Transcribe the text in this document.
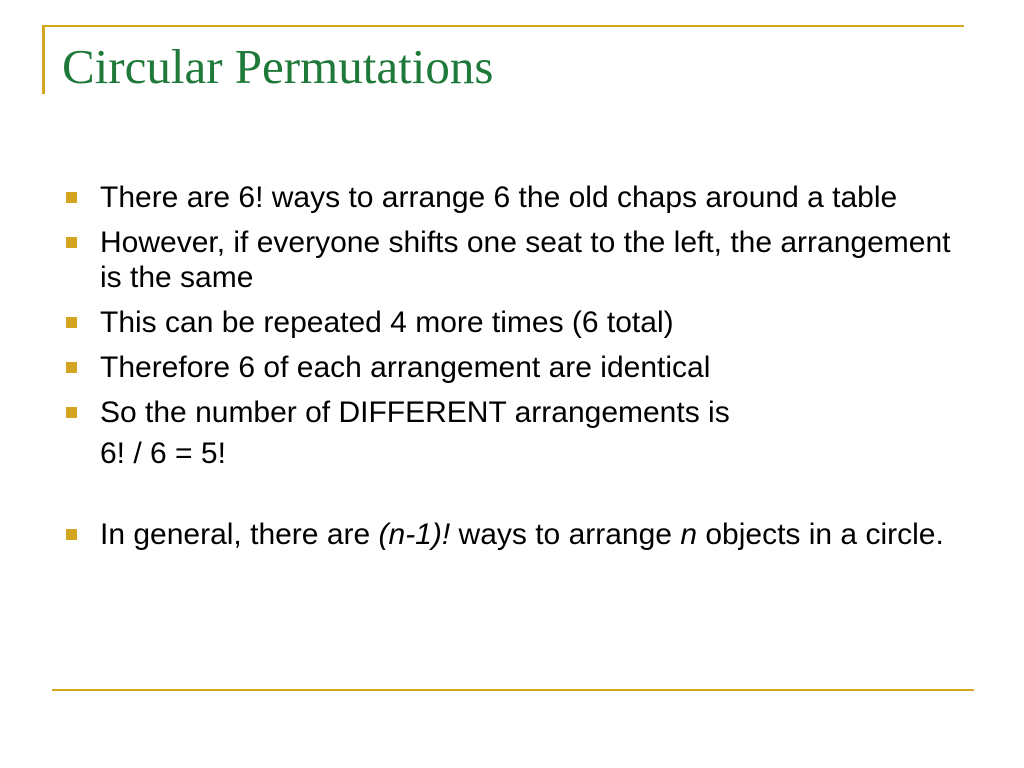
Circular Permutations
There are 6! ways to arrange 6 the old chaps around a table
However, if everyone shifts one seat to the left, the arrangement is the same
This can be repeated 4 more times (6 total)
Therefore 6 of each arrangement are identical
So the number of DIFFERENT arrangements is
6! / 6 = 5!
In general, there are (n-1)! ways to arrange n objects in a circle.
